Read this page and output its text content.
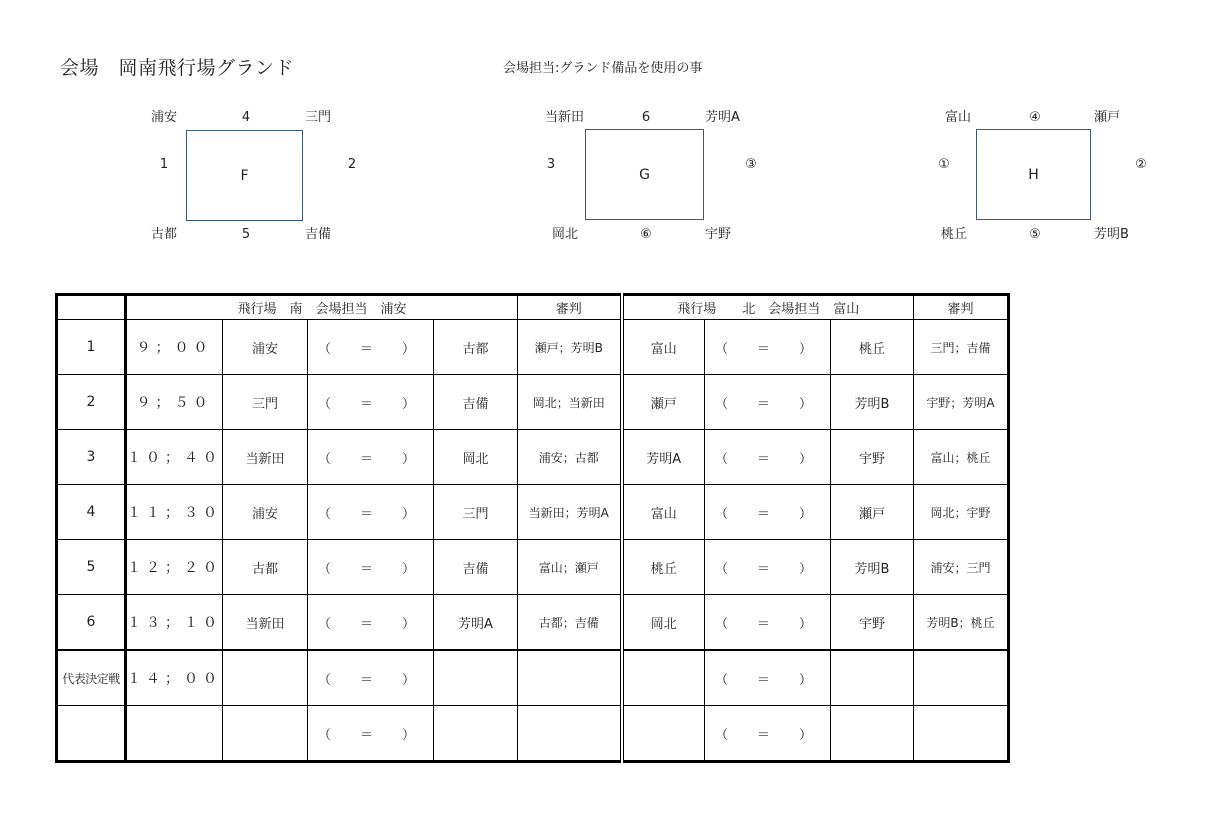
会場　岡南飛行場グランド	会場担当:グランド備品を使用の事
浦安	4	三門
1
F
2
古都	5	吉備
当新田	6	芳明A
3
G
③
岡北	⑥	宇野
富山	④	瀬戸
①
H
②
桃丘	⑤	芳明B
	飛行場　南　会場担当　浦安				審判	飛行場　　北　会場担当　富山			審判
1	９；００	浦安	（　＝　）	古都	瀬戸；芳明B	富山	（　＝　）	桃丘	三門；吉備
2	９；５０	三門	（　＝　）	吉備	岡北；当新田	瀬戸	（　＝　）	芳明B	宇野；芳明A
3	１０；４０	当新田	（　＝　）	岡北	浦安；古都	芳明A	（　＝　）	宇野	富山；桃丘
4	１１；３０	浦安	（　＝　）	三門	当新田；芳明A	富山	（　＝　）	瀬戸	岡北；宇野
5	１２；２０	古都	（　＝　）	吉備	富山；瀬戸	桃丘	（　＝　）	芳明B	浦安；三門
6	１３；１０	当新田	（　＝　）	芳明A	古都；吉備	岡北	（　＝　）	宇野	芳明B；桃丘
代表決定戦	１４；００		（　＝　）				（　＝　）		
			（　＝　）				（　＝　）		
